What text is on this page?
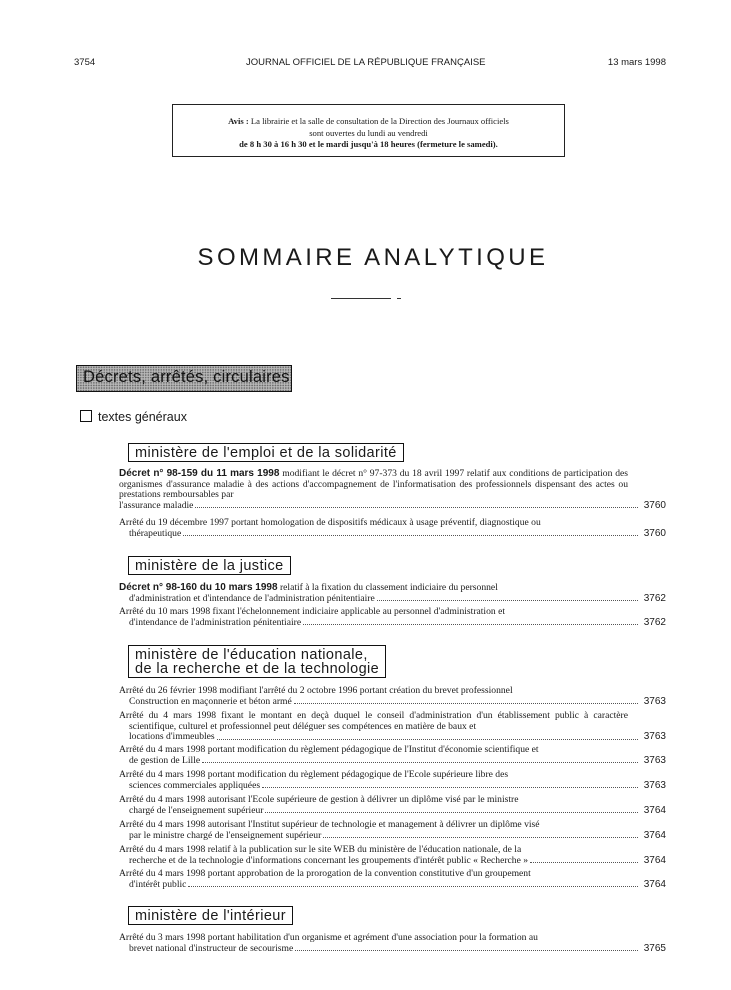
3754	JOURNAL OFFICIEL DE LA RÉPUBLIQUE FRANÇAISE	13 mars 1998
Avis : La librairie et la salle de consultation de la Direction des Journaux officiels
sont ouvertes du lundi au vendredi
de 8 h 30 à 16 h 30 et le mardi jusqu'à 18 heures (fermeture le samedi).
SOMMAIRE ANALYTIQUE
Décrets, arrêtés, circulaires
textes généraux
ministère de l'emploi et de la solidarité
Décret n° 98-159 du 11 mars 1998 modifiant le décret n° 97-373 du 18 avril 1997 relatif aux conditions de participation des organismes d'assurance maladie à des actions d'accompagnement de l'informatisation des professionnels dispensant des actes ou prestations remboursables par
l'assurance maladie	3760
Arrêté du 19 décembre 1997 portant homologation de dispositifs médicaux à usage préventif, diagnostique ou
thérapeutique	3760
ministère de la justice
Décret n° 98-160 du 10 mars 1998 relatif à la fixation du classement indiciaire du personnel
d'administration et d'intendance de l'administration pénitentiaire	3762
Arrêté du 10 mars 1998 fixant l'échelonnement indiciaire applicable au personnel d'administration et
d'intendance de l'administration pénitentiaire	3762
ministère de l'éducation nationale,
de la recherche et de la technologie
Arrêté du 26 février 1998 modifiant l'arrêté du 2 octobre 1996 portant création du brevet professionnel
Construction en maçonnerie et béton armé	3763
Arrêté du 4 mars 1998 fixant le montant en deçà duquel le conseil d'administration d'un établissement public à caractère scientifique, culturel et professionnel peut déléguer ses compétences en matière de baux et
locations d'immeubles	3763
Arrêté du 4 mars 1998 portant modification du règlement pédagogique de l'Institut d'économie scientifique et
de gestion de Lille	3763
Arrêté du 4 mars 1998 portant modification du règlement pédagogique de l'Ecole supérieure libre des
sciences commerciales appliquées	3763
Arrêté du 4 mars 1998 autorisant l'Ecole supérieure de gestion à délivrer un diplôme visé par le ministre
chargé de l'enseignement supérieur	3764
Arrêté du 4 mars 1998 autorisant l'Institut supérieur de technologie et management à délivrer un diplôme visé
par le ministre chargé de l'enseignement supérieur	3764
Arrêté du 4 mars 1998 relatif à la publication sur le site WEB du ministère de l'éducation nationale, de la
recherche et de la technologie d'informations concernant les groupements d'intérêt public « Recherche »	3764
Arrêté du 4 mars 1998 portant approbation de la prorogation de la convention constitutive d'un groupement
d'intérêt public	3764
ministère de l'intérieur
Arrêté du 3 mars 1998 portant habilitation d'un organisme et agrément d'une association pour la formation au
brevet national d'instructeur de secourisme	3765
